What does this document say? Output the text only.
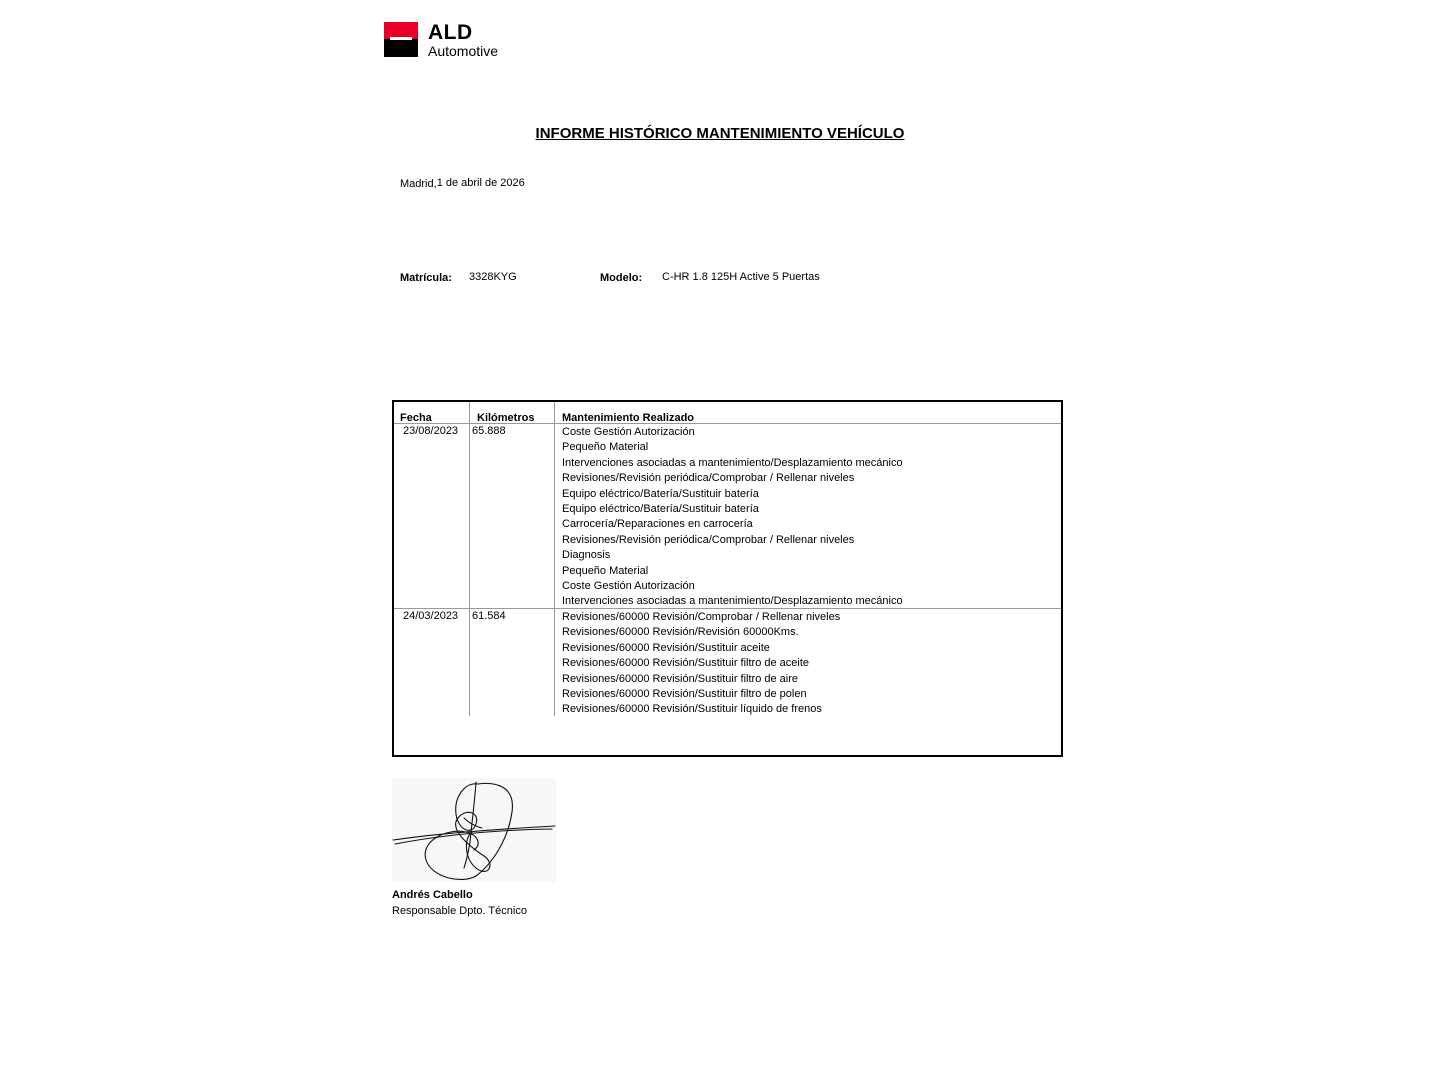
ALD
Automotive
INFORME HISTÓRICO MANTENIMIENTO VEHÍCULO
Madrid,1 de abril de 2026
Matrícula: 3328KYG	Modelo: C-HR 1.8 125H Active 5 Puertas
Fecha	Kilómetros	Mantenimiento Realizado
23/08/2023 65.888	Coste Gestión Autorización
Pequeño Material
Intervenciones asociadas a mantenimiento/Desplazamiento mecánico
Revisiones/Revisión periódica/Comprobar / Rellenar niveles
Equipo eléctrico/Batería/Sustituir batería
Equipo eléctrico/Batería/Sustituir batería
Carrocería/Reparaciones en carrocería
Revisiones/Revisión periódica/Comprobar / Rellenar niveles
Diagnosis
Pequeño Material
Coste Gestión Autorización
Intervenciones asociadas a mantenimiento/Desplazamiento mecánico
24/03/2023 61.584	Revisiones/60000 Revisión/Comprobar / Rellenar niveles
Revisiones/60000 Revisión/Revisión 60000Kms.
Revisiones/60000 Revisión/Sustituir aceite
Revisiones/60000 Revisión/Sustituir filtro de aceite
Revisiones/60000 Revisión/Sustituir filtro de aire
Revisiones/60000 Revisión/Sustituir filtro de polen
Revisiones/60000 Revisión/Sustituir líquido de frenos
Andrés Cabello
Responsable Dpto. Técnico
